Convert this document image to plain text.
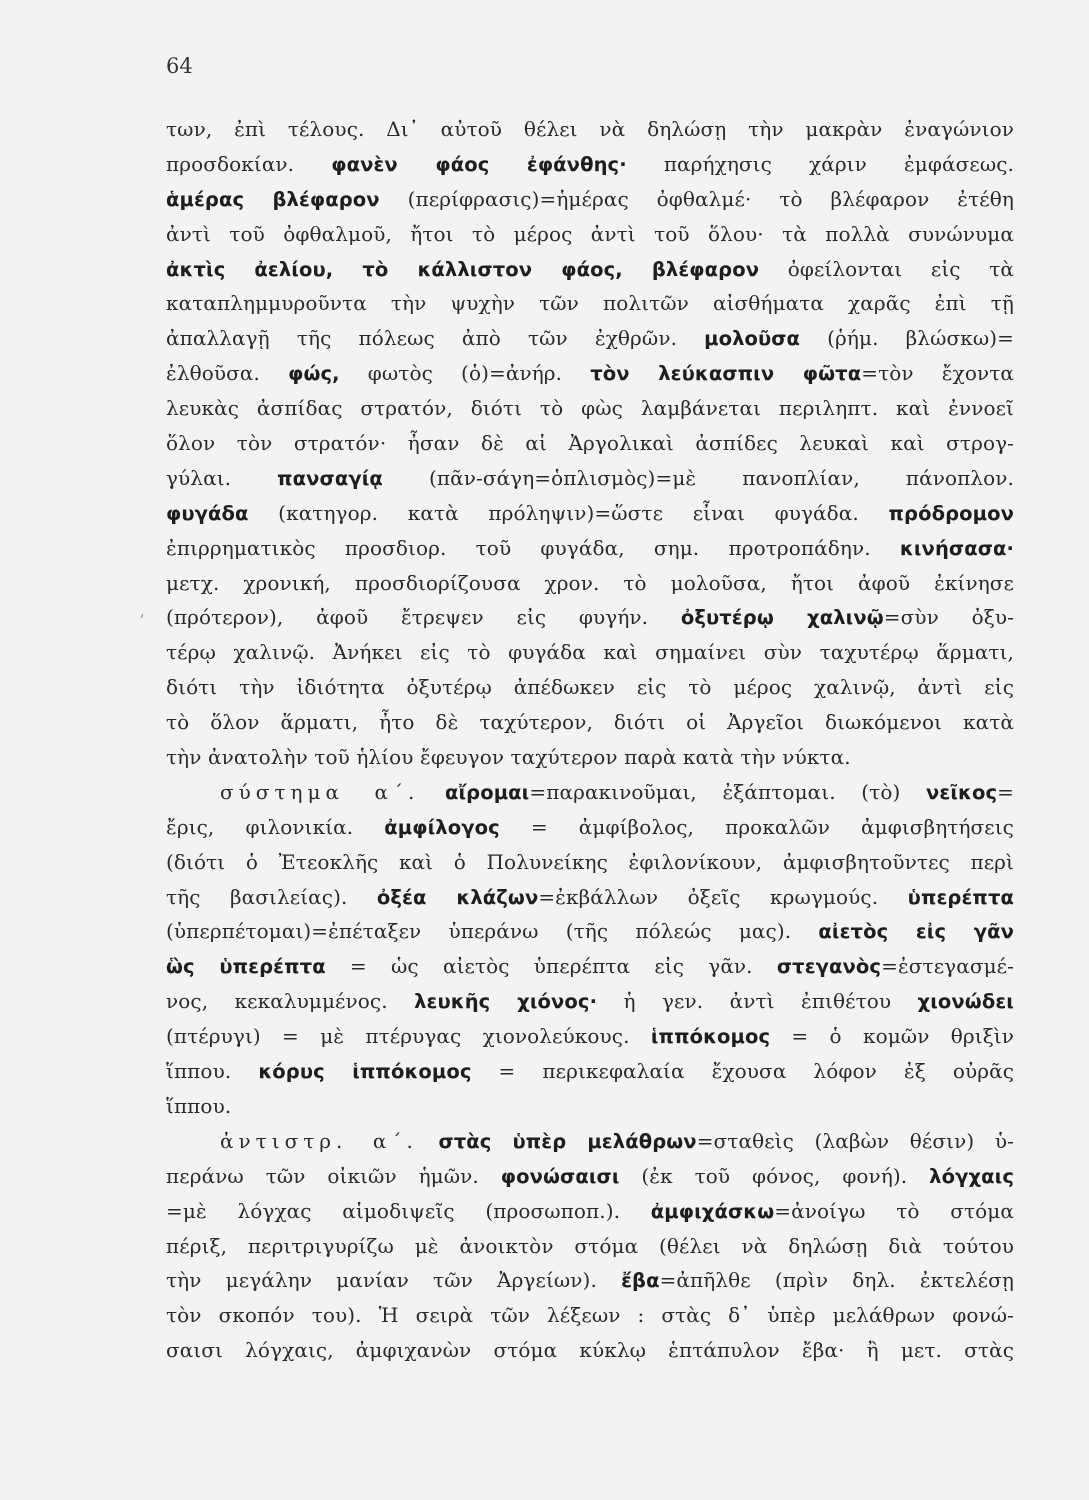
64
,
των, ἐπὶ τέλους. Δι᾽ αὐτοῦ θέλει νὰ δηλώσῃ τὴν μακρὰν ἐναγώνιον
προσδοκίαν. φανὲν φάος ἐφάνθης· παρήχησις χάριν ἐμφάσεως.
ἁμέρας βλέφαρον (περίφρασις)=ἡμέρας ὀφθαλμέ· τὸ βλέφαρον ἐτέθη
ἀντὶ τοῦ ὀφθαλμοῦ, ἤτοι τὸ μέρος ἀντὶ τοῦ ὅλου· τὰ πολλὰ συνώνυμα
ἀκτὶς ἀελίου, τὸ κάλλιστον φάος, βλέφαρον ὀφείλονται εἰς τὰ
καταπλημμυροῦντα τὴν ψυχὴν τῶν πολιτῶν αἰσθήματα χαρᾶς ἐπὶ τῇ
ἀπαλλαγῇ τῆς πόλεως ἀπὸ τῶν ἐχθρῶν. μολοῦσα (ῥήμ. βλώσκω)=
ἐλθοῦσα. φώς, φωτὸς (ὁ)=ἀνήρ. τὸν λεύκασπιν φῶτα=τὸν ἔχοντα
λευκὰς ἀσπίδας στρατόν, διότι τὸ φὼς λαμβάνεται περιληπτ. καὶ ἐννοεῖ
ὅλον τὸν στρατόν· ἦσαν δὲ αἱ Ἀργολικαὶ ἀσπίδες λευκαὶ καὶ στρογ-
γύλαι. πανσαγίᾳ (πᾶν-σάγη=ὁπλισμὸς)=μὲ πανοπλίαν, πάνοπλον.
φυγάδα (κατηγορ. κατὰ πρόληψιν)=ὥστε εἶναι φυγάδα. πρόδρομον
ἐπιρρηματικὸς προσδιορ. τοῦ φυγάδα, σημ. προτροπάδην. κινήσασα·
μετχ. χρονική, προσδιορίζουσα χρον. τὸ μολοῦσα, ἤτοι ἀφοῦ ἐκίνησε
(πρότερον), ἀφοῦ ἔτρεψεν εἰς φυγήν. ὀξυτέρῳ χαλινῷ=σὺν ὀξυ-
τέρῳ χαλινῷ. Ἀνήκει εἰς τὸ φυγάδα καὶ σημαίνει σὺν ταχυτέρῳ ἅρματι,
διότι τὴν ἰδιότητα ὀξυτέρῳ ἀπέδωκεν εἰς τὸ μέρος χαλινῷ, ἀντὶ εἰς
τὸ ὅλον ἅρματι, ἦτο δὲ ταχύτερον, διότι οἱ Ἀργεῖοι διωκόμενοι κατὰ
τὴν ἀνατολὴν τοῦ ἡλίου ἔφευγον ταχύτερον παρὰ κατὰ τὴν νύκτα.
σύστημα α΄. αἴρομαι=παρακινοῦμαι, ἐξάπτομαι. (τὸ) νεῖκος=
ἔρις, φιλονικία. ἀμφίλογος = ἀμφίβολος, προκαλῶν ἀμφισβητήσεις
(διότι ὁ Ἐτεοκλῆς καὶ ὁ Πολυνείκης ἐφιλονίκουν, ἀμφισβητοῦντες περὶ
τῆς βασιλείας). ὀξέα κλάζων=ἐκβάλλων ὀξεῖς κρωγμούς. ὑπερέπτα
(ὑπερπέτομαι)=ἐπέταξεν ὑπεράνω (τῆς πόλεώς μας). αἰετὸς εἰς γᾶν
ὣς ὑπερέπτα = ὡς αἰετὸς ὑπερέπτα εἰς γᾶν. στεγανὸς=ἐστεγασμέ-
νος, κεκαλυμμένος. λευκῆς χιόνος· ἡ γεν. ἀντὶ ἐπιθέτου χιονώδει
(πτέρυγι) = μὲ πτέρυγας χιονολεύκους. ἱππόκομος = ὁ κομῶν θριξὶν
ἵππου. κόρυς ἱππόκομος = περικεφαλαία ἔχουσα λόφον ἐξ οὐρᾶς
ἵππου.
ἀντιστρ. α΄. στὰς ὑπὲρ μελάθρων=σταθεὶς (λαβὼν θέσιν) ὑ-
περάνω τῶν οἰκιῶν ἡμῶν. φονώσαισι (ἐκ τοῦ φόνος, φονή). λόγχαις
=μὲ λόγχας αἱμοδιψεῖς (προσωποπ.). ἀμφιχάσκω=ἀνοίγω τὸ στόμα
πέριξ, περιτριγυρίζω μὲ ἀνοικτὸν στόμα (θέλει νὰ δηλώσῃ διὰ τούτου
τὴν μεγάλην μανίαν τῶν Ἀργείων). ἔβα=ἀπῆλθε (πρὶν δηλ. ἐκτελέσῃ
τὸν σκοπόν του). Ἡ σειρὰ τῶν λέξεων : στὰς δ᾽ ὑπὲρ μελάθρων φονώ-
σαισι λόγχαις, ἀμφιχανὼν στόμα κύκλῳ ἑπτάπυλον ἔβα· ἢ μετ. στὰς
